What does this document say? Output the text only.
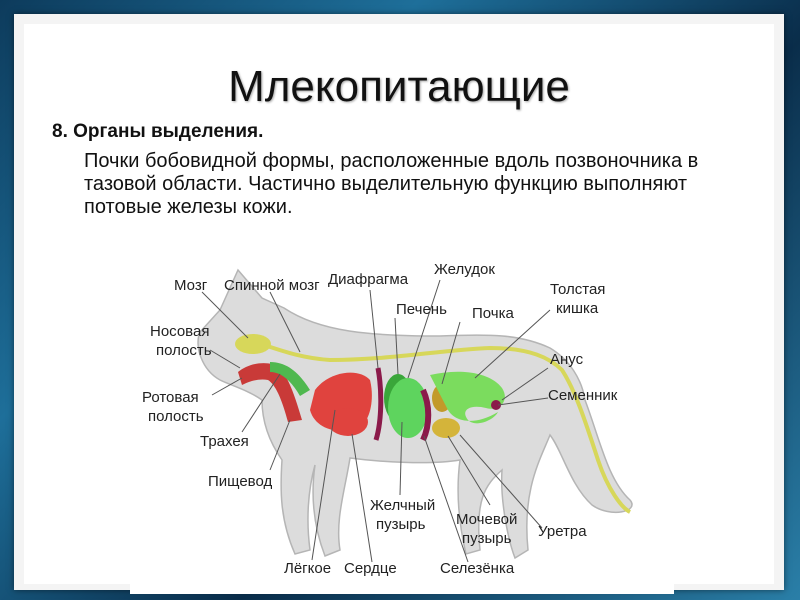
Млекопитающие
8. Органы выделения.
Почки бобовидной формы, расположенные вдоль позвоночника в тазовой области. Частично выделительную функцию выполняют потовые железы кожи.
Мозг Спинной мозг Диафрагма
Желудок
Печень Почка
Толстая
кишка
Носовая
полость
Анус
Ротовая
полость
Семенник
Трахея
Пищевод
Желчный
пузырь Мочевой
пузырь Уретра
Лёгкое Сердце	Селезёнка
